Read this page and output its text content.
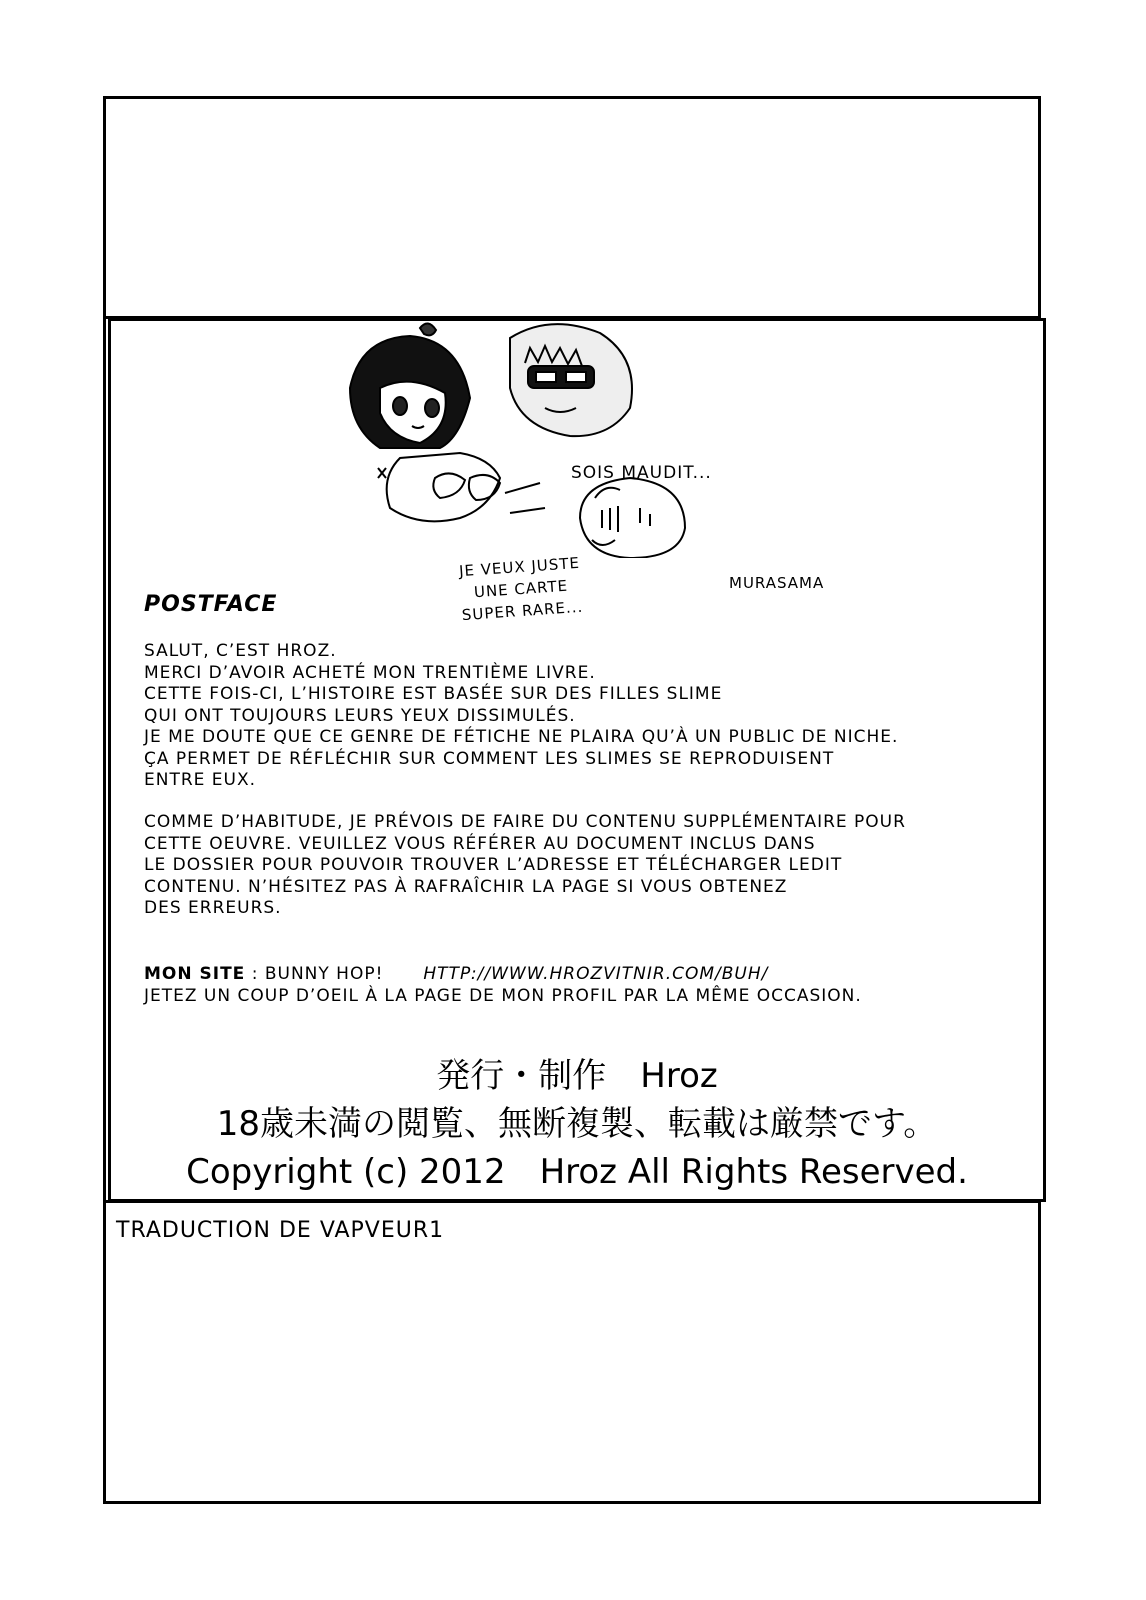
SOIS MAUDIT...
JE VEUX JUSTE
UNE CARTE
SUPER RARE...
MURASAMA
POSTFACE
SALUT, C’EST HROZ.
MERCI D’AVOIR ACHETÉ MON TRENTIÈME LIVRE.
CETTE FOIS-CI, L’HISTOIRE EST BASÉE SUR DES FILLES SLIME
QUI ONT TOUJOURS LEURS YEUX DISSIMULÉS.
JE ME DOUTE QUE CE GENRE DE FÉTICHE NE PLAIRA QU’À UN PUBLIC DE NICHE.
ÇA PERMET DE RÉFLÉCHIR SUR COMMENT LES SLIMES SE REPRODUISENT
ENTRE EUX.
COMME D’HABITUDE, JE PRÉVOIS DE FAIRE DU CONTENU SUPPLÉMENTAIRE POUR
CETTE OEUVRE. VEUILLEZ VOUS RÉFÉRER AU DOCUMENT INCLUS DANS
LE DOSSIER POUR POUVOIR TROUVER L’ADRESSE ET TÉLÉCHARGER LEDIT
CONTENU. N’HÉSITEZ PAS À RAFRAÎCHIR LA PAGE SI VOUS OBTENEZ
DES ERREURS.
MON SITE : BUNNY HOP! HTTP://WWW.HROZVITNIR.COM/BUH/
JETEZ UN COUP D’OEIL À LA PAGE DE MON PROFIL PAR LA MÊME OCCASION.
発行・制作　Hroz
18歳未満の閲覧、無断複製、転載は厳禁です。
Copyright (c) 2012　Hroz All Rights Reserved.
TRADUCTION DE VAPVEUR1
